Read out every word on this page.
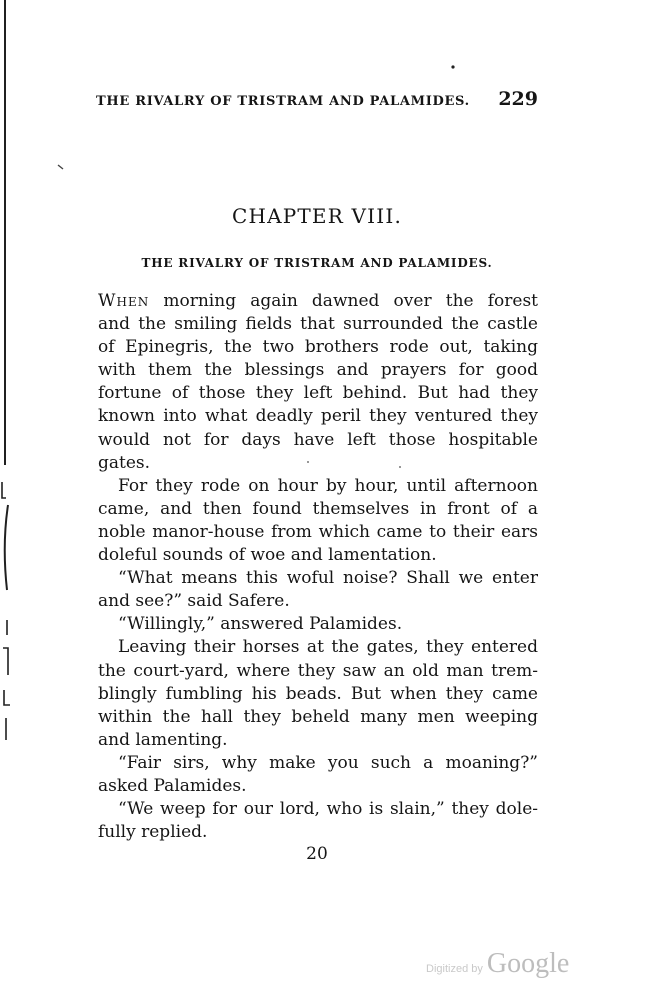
THE RIVALRY OF TRISTRAM AND PALAMIDES. 229
CHAPTER VIII.
THE RIVALRY OF TRISTRAM AND PALAMIDES.
When morning again dawned over the forest
and the smiling fields that surrounded the castle
of Epinegris, the two brothers rode out, taking
with them the blessings and prayers for good
fortune of those they left behind. But had they
known into what deadly peril they ventured they
would not for days have left those hospitable
gates.
For they rode on hour by hour, until afternoon
came, and then found themselves in front of a
noble manor-house from which came to their ears
doleful sounds of woe and lamentation.
“What means this woful noise? Shall we enter
and see?” said Safere.
“Willingly,” answered Palamides.
Leaving their horses at the gates, they entered
the court-yard, where they saw an old man trem-
blingly fumbling his beads. But when they came
within the hall they beheld many men weeping
and lamenting.
“Fair sirs, why make you such a moaning?”
asked Palamides.
“We weep for our lord, who is slain,” they dole-
fully replied.
20
Digitized by Google
